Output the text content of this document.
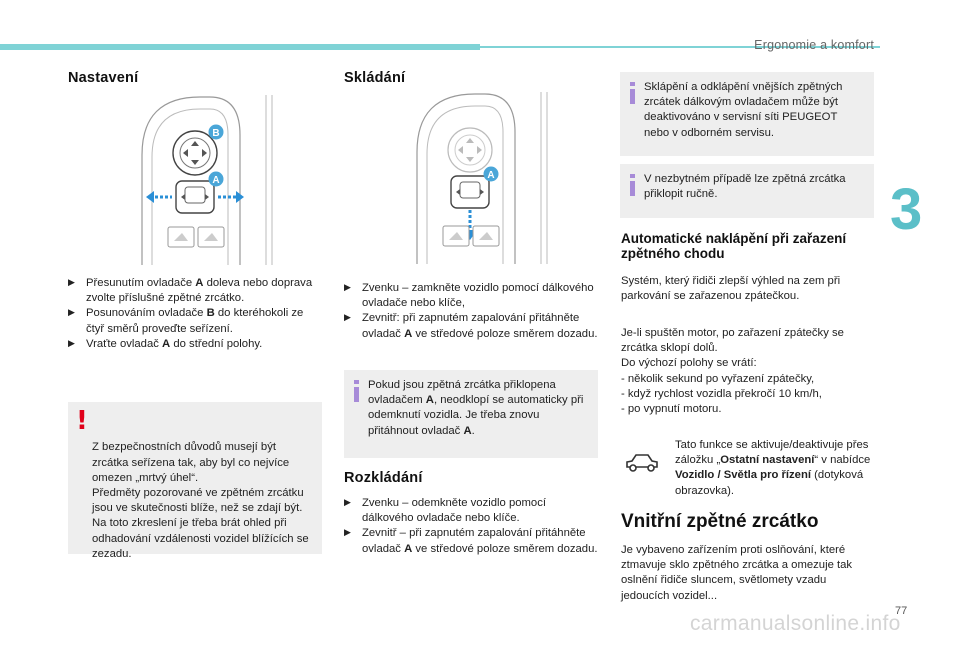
Ergonomie a komfort
3
77
Nastavení
B
A
▶ Přesunutím ovladače A doleva nebo doprava zvolte příslušné zpětné zrcátko.
▶ Posunováním ovladače B do kteréhokoli ze čtyř směrů proveďte seřízení.
▶ Vraťte ovladač A do střední polohy.

!

Z bezpečnostních důvodů musejí být zrcátka seřízena tak, aby byl co nejvíce omezen „mrtvý úhel“.
Předměty pozorované ve zpětném zrcátku jsou ve skutečnosti blíže, než se zdají být.
Na toto zkreslení je třeba brát ohled při odhadování vzdálenosti vozidel blížících se zezadu.

Skládání
A
▶ Zvenku – zamkněte vozidlo pomocí dálkového ovladače nebo klíče,
▶ Zevnitř: při zapnutém zapalování přitáhněte ovladač A ve středové poloze směrem dozadu.
Pokud jsou zpětná zrcátka přiklopena ovladačem A, neodklopí se automaticky při odemknutí vozidla. Je třeba znovu přitáhnout ovladač A.
Rozkládání
▶ Zvenku – odemkněte vozidlo pomocí dálkového ovladače nebo klíče.
▶ Zevnitř – při zapnutém zapalování přitáhněte ovladač A ve středové poloze směrem dozadu.
Sklápění a odklápění vnějších zpětných zrcátek dálkovým ovladačem může být deaktivováno v servisní síti PEUGEOT nebo v odborném servisu.
V nezbytném případě lze zpětná zrcátka přiklopit ručně.
Automatické naklápění při zařazení zpětného chodu
Systém, který řidiči zlepší výhled na zem při parkování se zařazenou zpátečkou.
Je-li spuštěn motor, po zařazení zpátečky se zrcátka sklopí dolů.
Do výchozí polohy se vrátí:
- několik sekund po vyřazení zpátečky,
- když rychlost vozidla překročí 10 km/h,
- po vypnutí motoru.
Tato funkce se aktivuje/deaktivuje přes záložku „Ostatní nastavení“ v nabídce Vozidlo / Světla pro řízení (dotyková obrazovka).
Vnitřní zpětné zrcátko
Je vybaveno zařízením proti oslňování, které ztmavuje sklo zpětného zrcátka a omezuje tak oslnění řidiče sluncem, světlomety vzadu jedoucích vozidel...
carmanualsonline.info
